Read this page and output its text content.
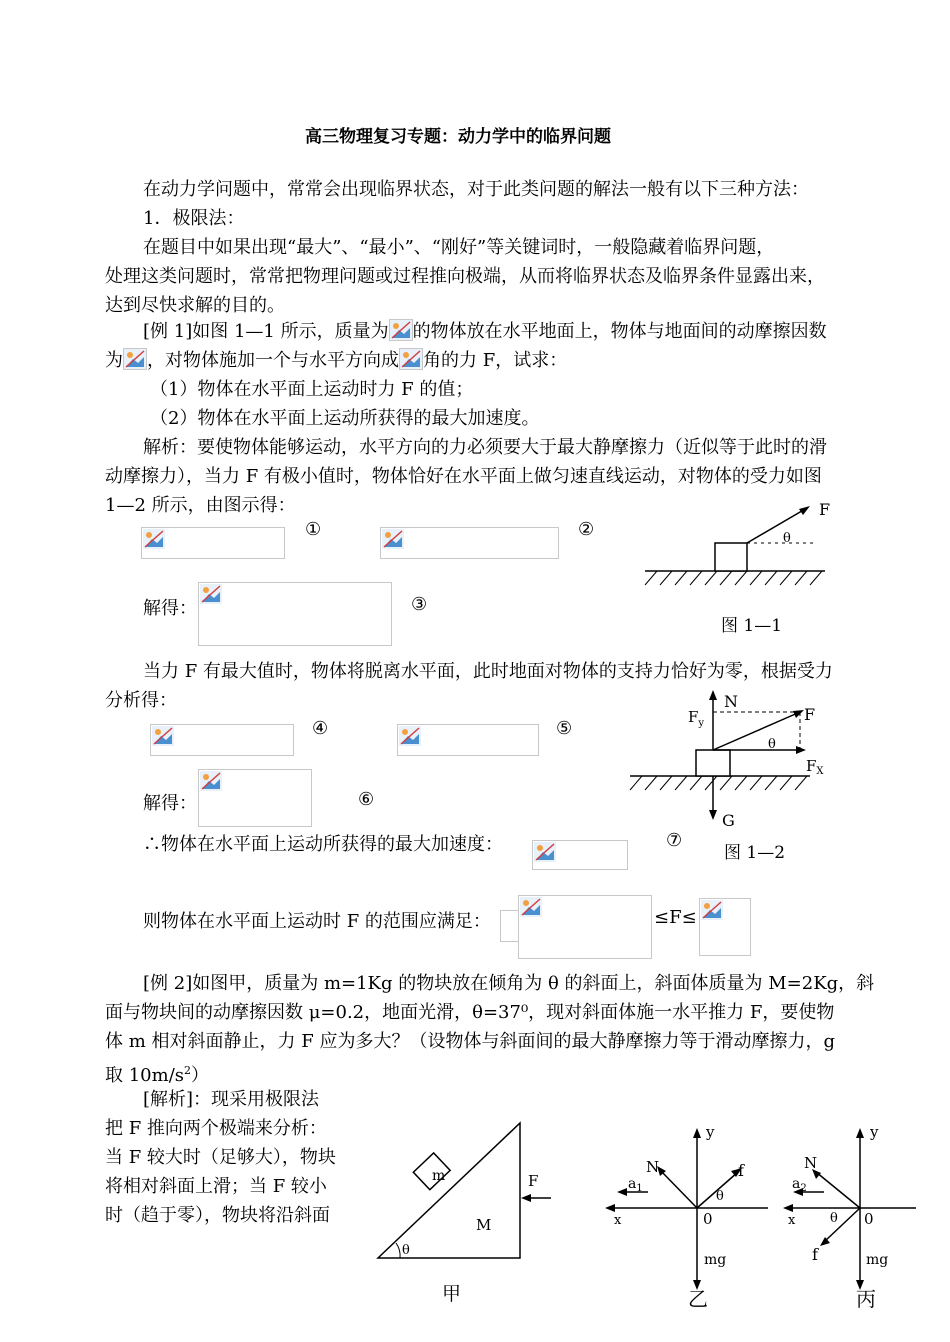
高三物理复习专题：动力学中的临界问题
在动力学问题中，常常会出现临界状态，对于此类问题的解法一般有以下三种方法：
1．极限法：
在题目中如果出现“最大”、“最小”、“刚好”等关键词时，一般隐藏着临界问题，
处理这类问题时，常常把物理问题或过程推向极端，从而将临界状态及临界条件显露出来，
达到尽快求解的目的。
[例 1]如图 1—1 所示，质量为 的物体放在水平地面上，物体与地面间的动摩擦因数
为 ，对物体施加一个与水平方向成 角的力 F，试求：
（1）物体在水平面上运动时力 F 的值；
（2）物体在水平面上运动所获得的最大加速度。
解析：要使物体能够运动，水平方向的力必须要大于最大静摩擦力（近似等于此时的滑
动摩擦力），当力 F 有极小值时，物体恰好在水平面上做匀速直线运动，对物体的受力如图
1—2 所示，由图示得：
①	②
解得：	③
F
θ
图 1—1
当力 F 有最大值时，物体将脱离水平面，此时地面对物体的支持力恰好为零，根据受力
分析得：
④	⑤
解得：	⑥
∴物体在水平面上运动所获得的最大加速度：	⑦
N
$F_y$	F
θ
$F_X$
G
图 1—2
则物体在水平面上运动时 F 的范围应满足：	≤F≤
[例 2]如图甲，质量为 m=1Kg 的物块放在倾角为 θ 的斜面上，斜面体质量为 M=2Kg，斜
面与物块间的动摩擦因数 μ=0.2，地面光滑，θ=37⁰，现对斜面体施一水平推力 F，要使物
体 m 相对斜面静止，力 F 应为多大？（设物体与斜面间的最大静摩擦力等于滑动摩擦力，g
取 $10m/s^2$）
[解析]：现采用极限法
把 F 推向两个极端来分析：
当 F 较大时（足够大），物块
将相对斜面上滑；当 F 较小
时（趋于零），物块将沿斜面
m
M
F
θ
甲
y
N	f
$a_1$
x	0
θ
mg
乙
y
N
$a_2$
x	0
θ
f	mg
丙
